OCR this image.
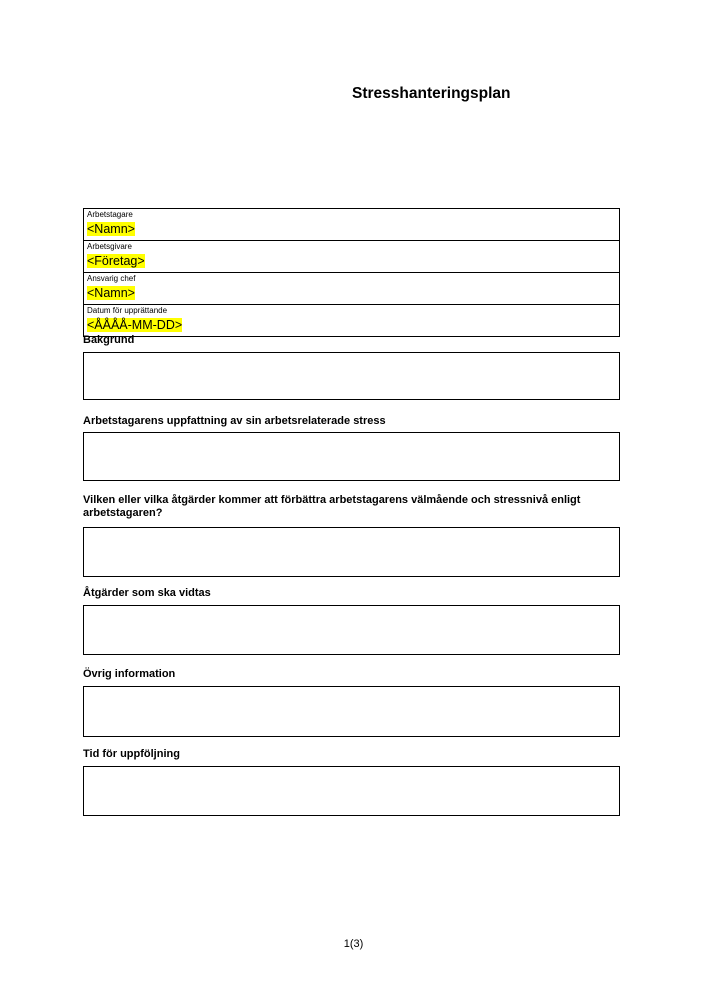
Stresshanteringsplan
Arbetstagare
<Namn>

Arbetsgivare
<Företag>

Ansvarig chef
<Namn>

Datum för upprättande
<ÅÅÅÅ-MM-DD>
Bakgrund
Arbetstagarens uppfattning av sin arbetsrelaterade stress
Vilken eller vilka åtgärder kommer att förbättra arbetstagarens välmående och stressnivå enligt arbetstagaren?
Åtgärder som ska vidtas
Övrig information
Tid för uppföljning
1(3)
